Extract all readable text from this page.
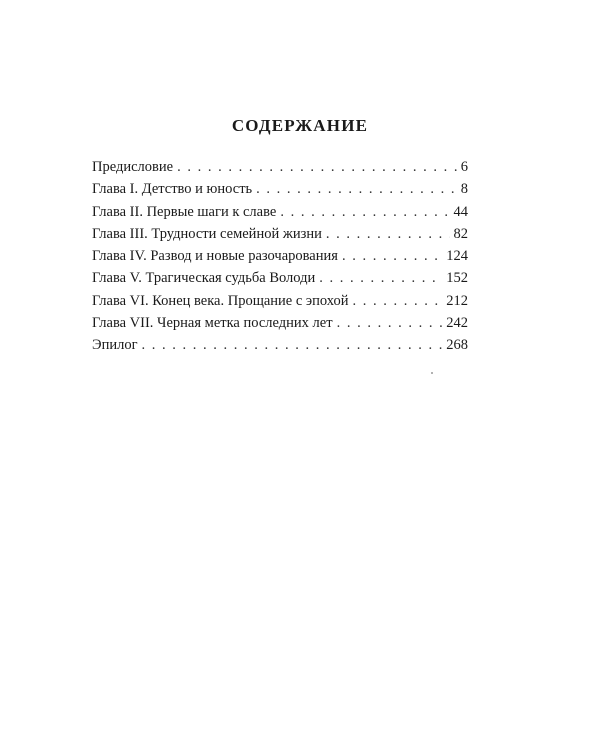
СОДЕРЖАНИЕ
Предисловие . . .	6
Глава I. Детство и юность . . .	8
Глава II. Первые шаги к славе . . .	44
Глава III. Трудности семейной жизни . . .	82
Глава IV. Развод и новые разочарования . . .	124
Глава V. Трагическая судьба Володи . . .	152
Глава VI. Конец века. Прощание с эпохой . . .	212
Глава VII. Черная метка последних лет . . .	242
Эпилог . . .	268
